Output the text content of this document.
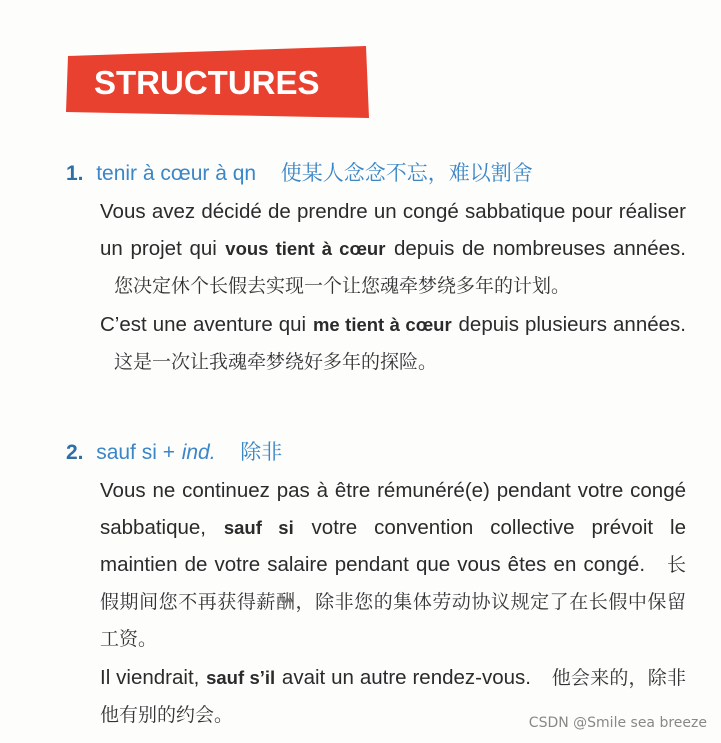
STRUCTURES
1. tenir à cœur à qn 使某人念念不忘，难以割舍
Vous avez décidé de prendre un congé sabbatique pour réaliser un projet qui vous tient à cœur depuis de nombreuses années. 您决定休个长假去实现一个让您魂牵梦绕多年的计划。
C’est une aventure qui me tient à cœur depuis plusieurs années. 这是一次让我魂牵梦绕好多年的探险。
2. sauf si + ind. 除非
Vous ne continuez pas à être rémunéré(e) pendant votre congé sabbatique, sauf si votre convention collective prévoit le maintien de votre salaire pendant que vous êtes en congé. 长假期间您不再获得薪酬，除非您的集体劳动协议规定了在长假中保留工资。
Il viendrait, sauf s’il avait un autre rendez-vous. 他会来的，除非他有别的约会。	CSDN @Smile sea breeze
